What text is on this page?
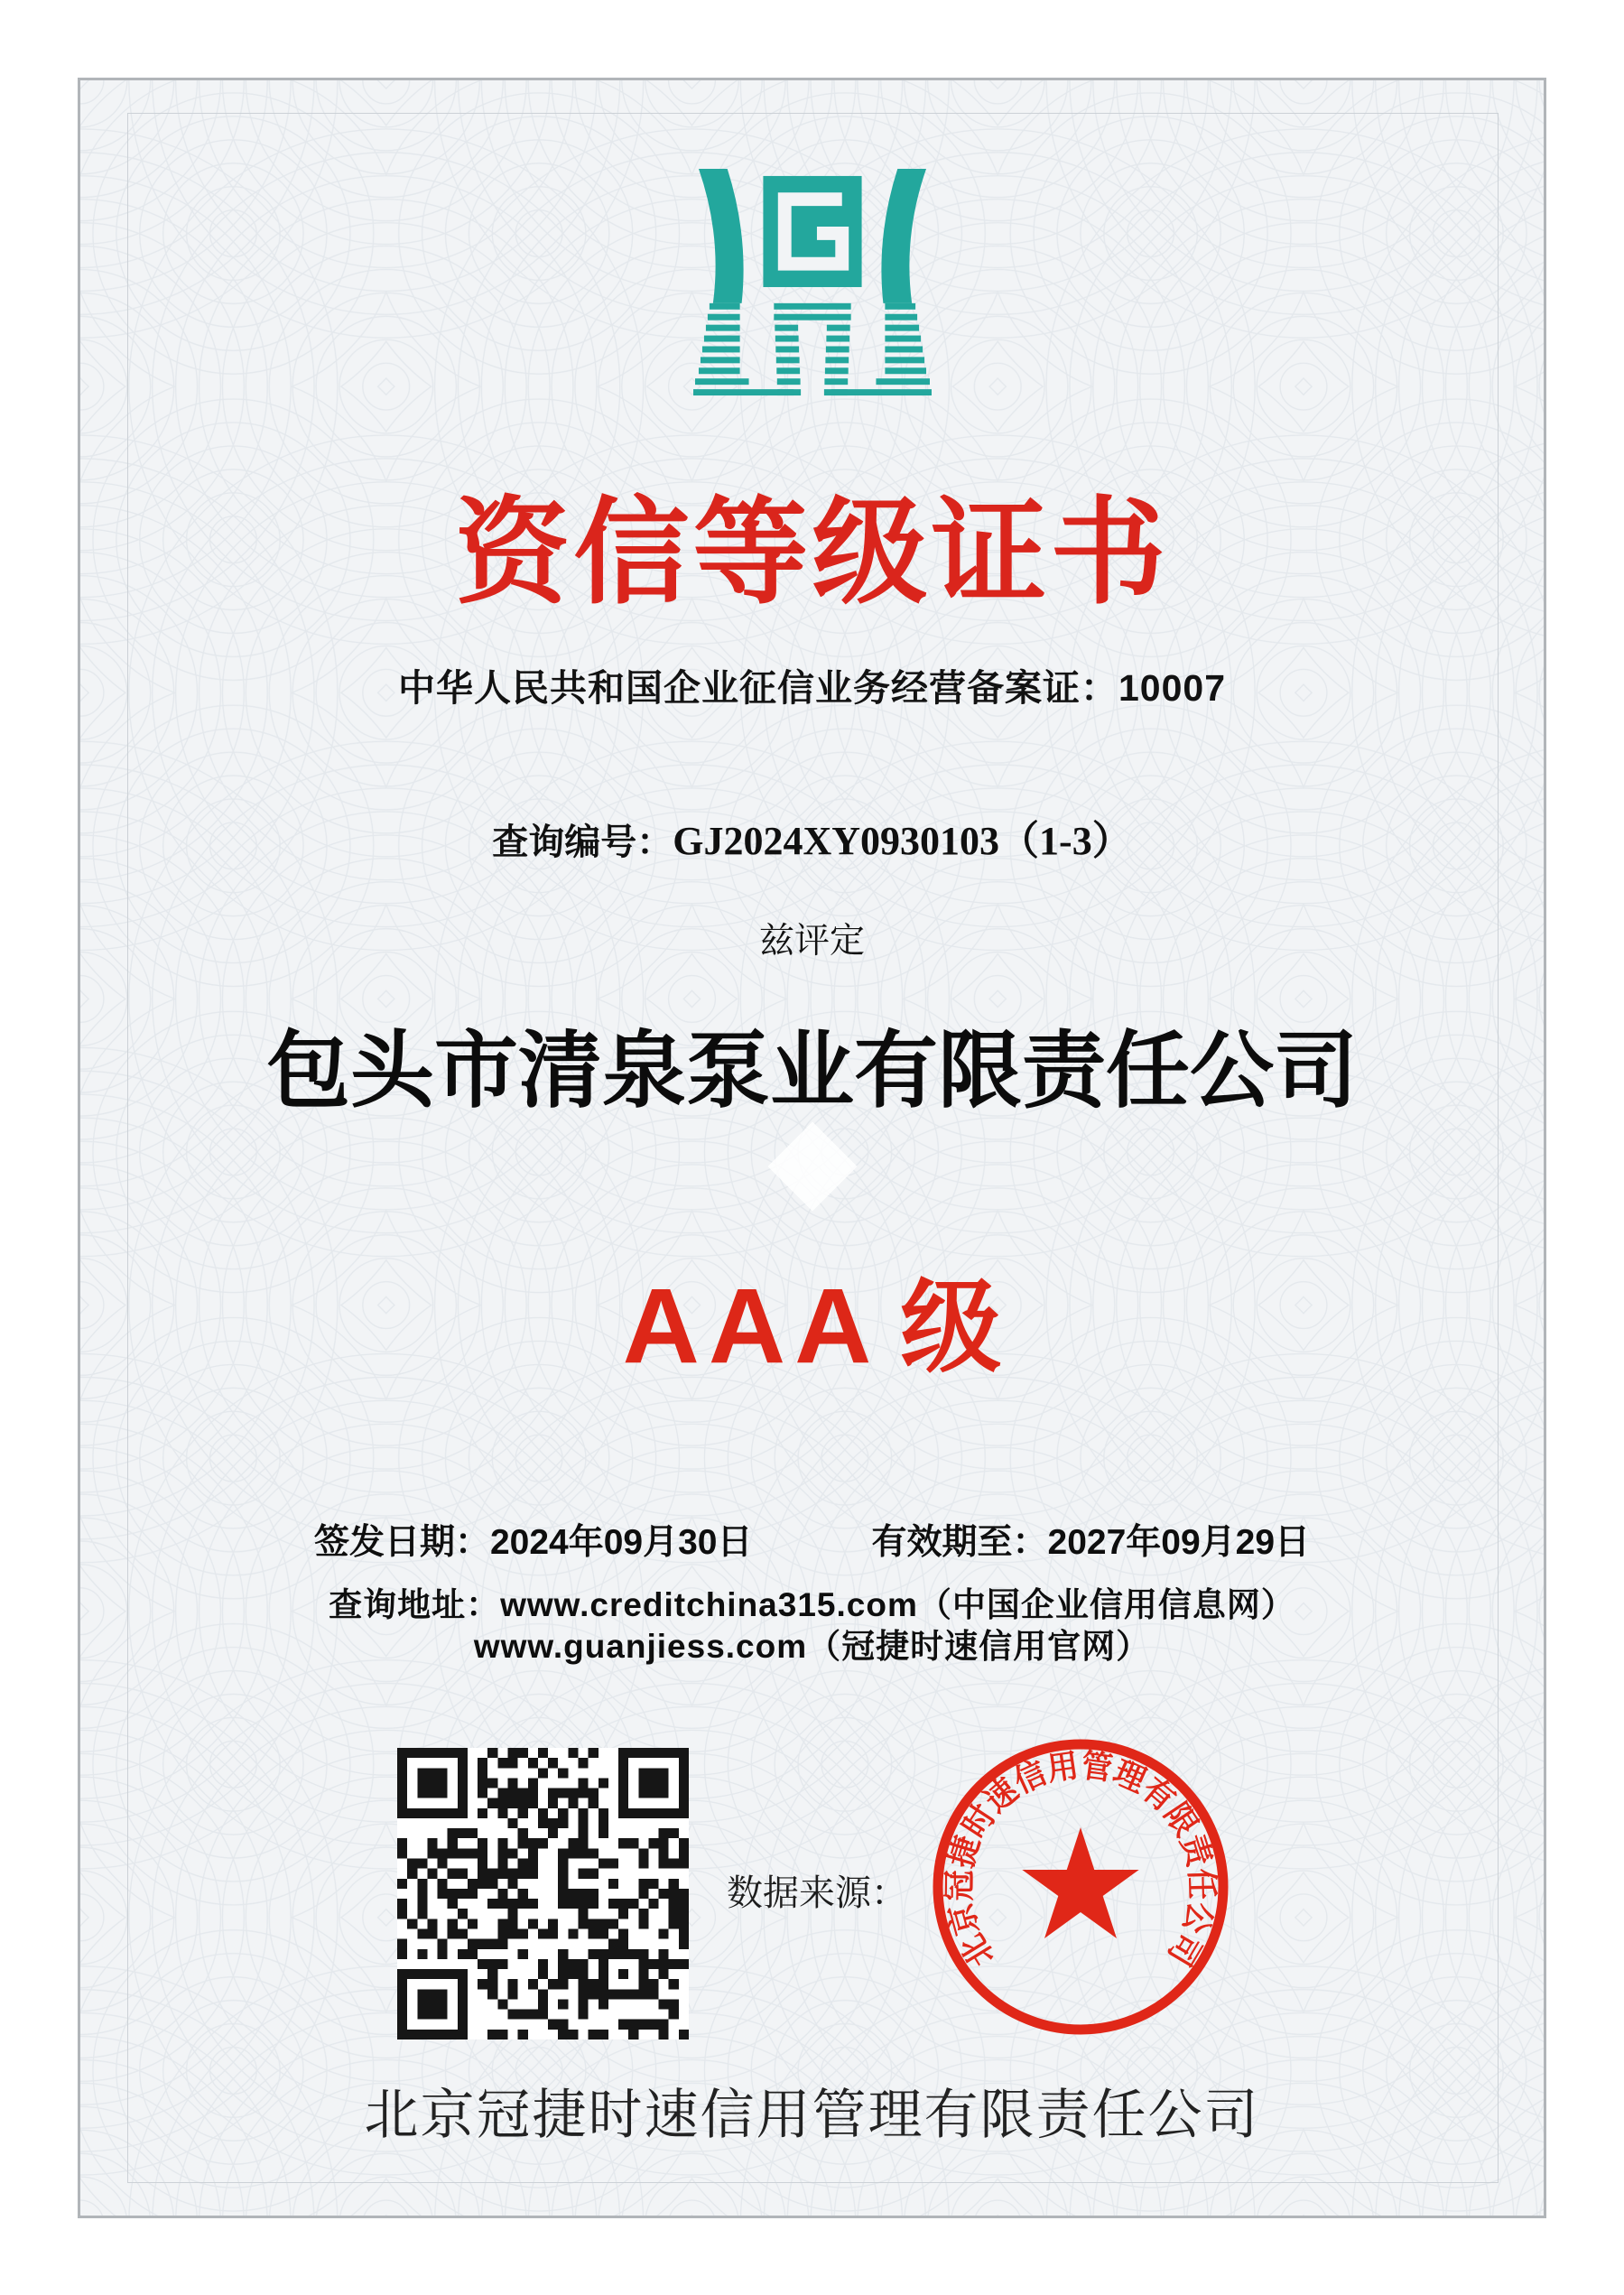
资信等级证书
中华人民共和国企业征信业务经营备案证：10007
查询编号：GJ2024XY0930103（1-3）
兹评定
包头市清泉泵业有限责任公司
AAA 级
签发日期：2024年09月30日	有效期至：2027年09月29日
查询地址：www.creditchina315.com（中国企业信用信息网）
www.guanjiess.com（冠捷时速信用官网）
数据来源：
北京冠捷时速信用管理有限责任公司
北京冠捷时速信用管理有限责任公司
